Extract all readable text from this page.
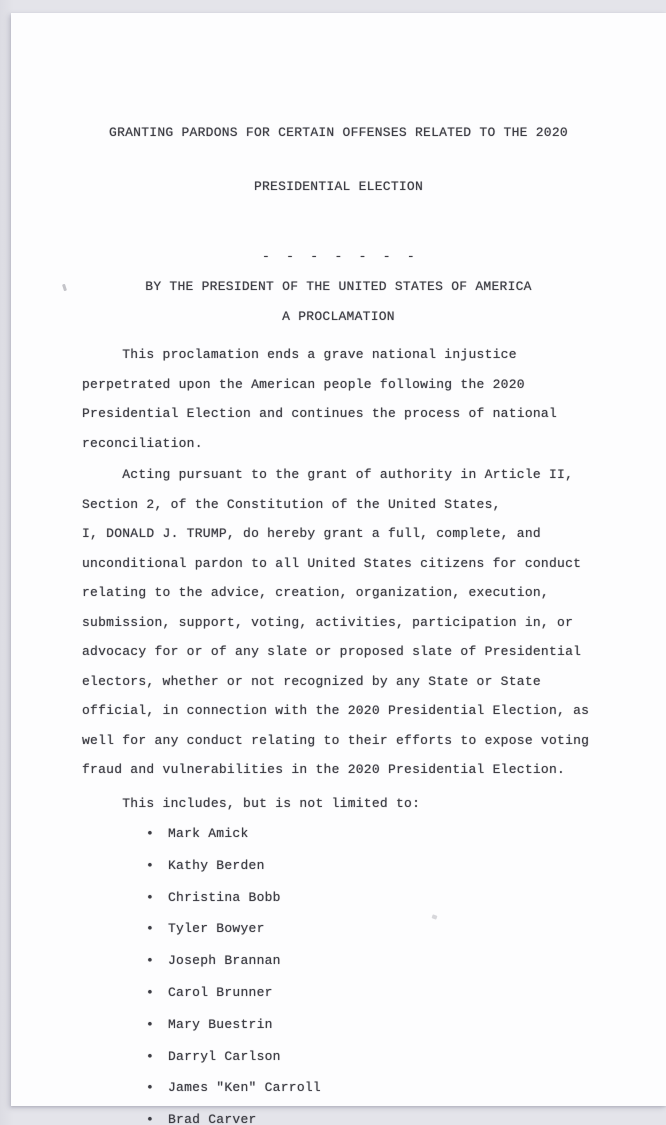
GRANTING PARDONS FOR CERTAIN OFFENSES RELATED TO THE 2020

PRESIDENTIAL ELECTION

-  -  -  -  -  -  -
BY THE PRESIDENT OF THE UNITED STATES OF AMERICA
A PROCLAMATION
This proclamation ends a grave national injustice
perpetrated upon the American people following the 2020
Presidential Election and continues the process of national
reconciliation.
Acting pursuant to the grant of authority in Article II,
Section 2, of the Constitution of the United States,
I, DONALD J. TRUMP, do hereby grant a full, complete, and
unconditional pardon to all United States citizens for conduct
relating to the advice, creation, organization, execution,
submission, support, voting, activities, participation in, or
advocacy for or of any slate or proposed slate of Presidential
electors, whether or not recognized by any State or State
official, in connection with the 2020 Presidential Election, as
well for any conduct relating to their efforts to expose voting
fraud and vulnerabilities in the 2020 Presidential Election.
This includes, but is not limited to:
• Mark Amick
• Kathy Berden
• Christina Bobb
• Tyler Bowyer
• Joseph Brannan
• Carol Brunner
• Mary Buestrin
• Darryl Carlson
• James "Ken" Carroll
• Brad Carver
